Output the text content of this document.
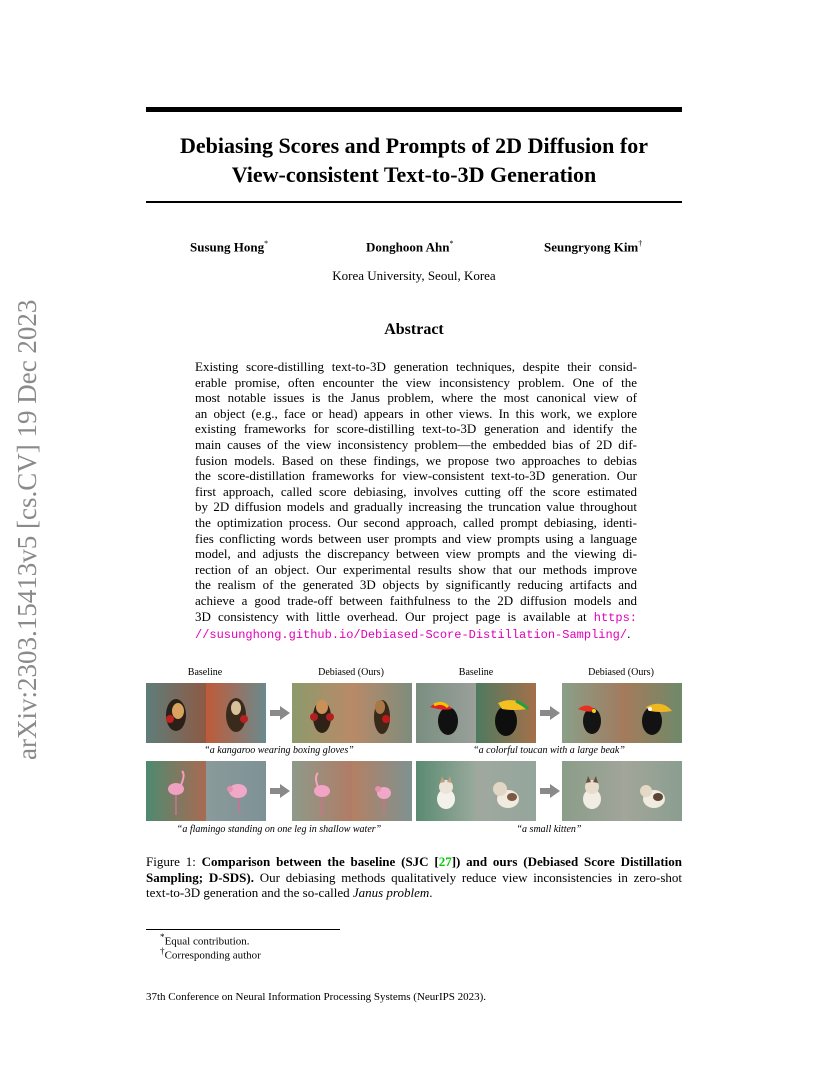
arXiv:2303.15413v5 [cs.CV] 19 Dec 2023
Debiasing Scores and Prompts of 2D Diffusion for
View-consistent Text-to-3D Generation
Susung Hong*	Donghoon Ahn*	Seungryong Kim†
Korea University, Seoul, Korea
Abstract
Existing score-distilling text-to-3D generation techniques, despite their consid-
erable promise, often encounter the view inconsistency problem. One of the
most notable issues is the Janus problem, where the most canonical view of
an object (e.g., face or head) appears in other views. In this work, we explore
existing frameworks for score-distilling text-to-3D generation and identify the
main causes of the view inconsistency problem—the embedded bias of 2D dif-
fusion models. Based on these findings, we propose two approaches to debias
the score-distillation frameworks for view-consistent text-to-3D generation. Our
first approach, called score debiasing, involves cutting off the score estimated
by 2D diffusion models and gradually increasing the truncation value throughout
the optimization process. Our second approach, called prompt debiasing, identi-
fies conflicting words between user prompts and view prompts using a language
model, and adjusts the discrepancy between view prompts and the viewing di-
rection of an object. Our experimental results show that our methods improve
the realism of the generated 3D objects by significantly reducing artifacts and
achieve a good trade-off between faithfulness to the 2D diffusion models and
3D consistency with little overhead. Our project page is available at https:
//susunghong.github.io/Debiased-Score-Distillation-Sampling/.
Baseline	Debiased (Ours)	Baseline	Debiased (Ours)
“a kangaroo wearing boxing gloves”	“a colorful toucan with a large beak”
“a flamingo standing on one leg in shallow water”	“a small kitten”
Figure 1: Comparison between the baseline (SJC [27]) and ours (Debiased Score Distillation Sampling; D-SDS). Our debiasing methods qualitatively reduce view inconsistencies in zero-shot text-to-3D generation and the so-called Janus problem.
*Equal contribution.
†Corresponding author
37th Conference on Neural Information Processing Systems (NeurIPS 2023).
